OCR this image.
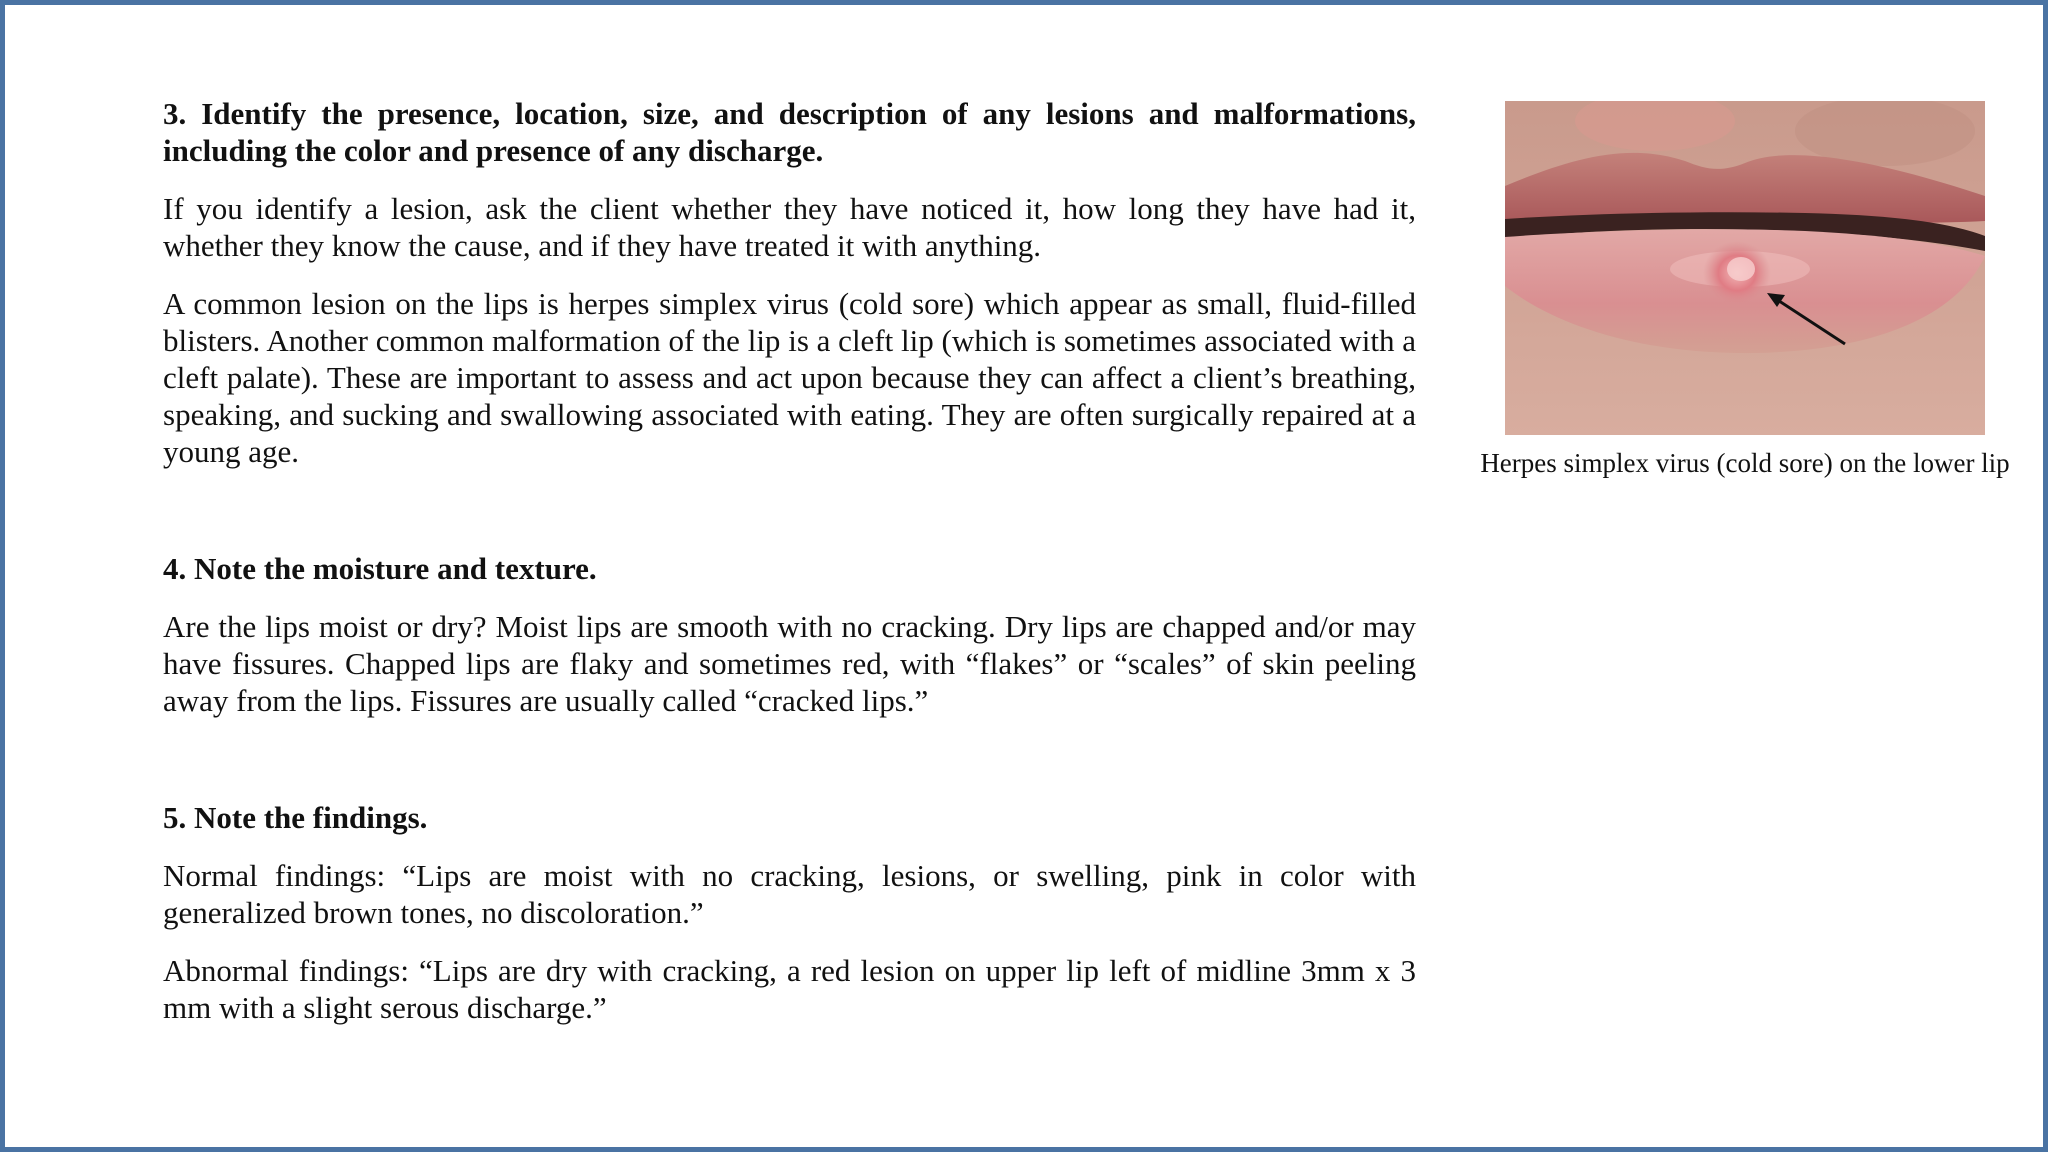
3. Identify the presence, location, size, and description of any lesions and malformations, including the color and presence of any discharge.

If you identify a lesion, ask the client whether they have noticed it, how long they have had it, whether they know the cause, and if they have treated it with anything.

A common lesion on the lips is herpes simplex virus (cold sore) which appear as small, fluid-filled blisters. Another common malformation of the lip is a cleft lip (which is sometimes associated with a cleft palate). These are important to assess and act upon because they can affect a client’s breathing, speaking, and sucking and swallowing associated with eating. They are often surgically repaired at a young age.

4. Note the moisture and texture.

Are the lips moist or dry? Moist lips are smooth with no cracking. Dry lips are chapped and/or may have fissures. Chapped lips are flaky and sometimes red, with “flakes” or “scales” of skin peeling away from the lips. Fissures are usually called “cracked lips.”

5. Note the findings.

Normal findings: “Lips are moist with no cracking, lesions, or swelling, pink in color with generalized brown tones, no discoloration.”

Abnormal findings: “Lips are dry with cracking, a red lesion on upper lip left of midline 3mm x 3 mm with a slight serous discharge.”

Herpes simplex virus (cold sore) on the lower lip
